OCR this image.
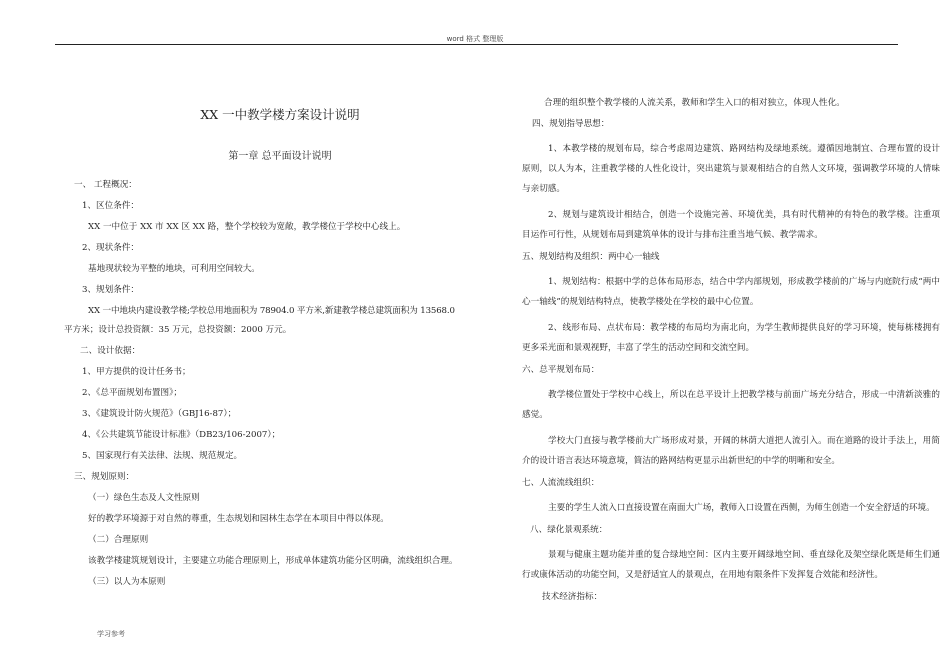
word 格式 整理版

XX 一中教学楼方案设计说明

第一章 总平面设计说明

一、 工程概况：

1、区位条件：

XX 一中位于 XX 市 XX 区 XX 路，整个学校较为宽敞，教学楼位于学校中心线上。

2、现状条件：

基地现状较为平整的地块，可利用空间较大。

3、规划条件：

XX 一中地块内建设教学楼;学校总用地面积为 78904.0 平方米,新建教学楼总建筑面积为 13568.0

平方米；设计总投资额：35 万元，总投资额：2000 万元。

二、设计依据：

1、甲方提供的设计任务书；

2、《总平面规划布置图》；

3、《建筑设计防火规范》（GBJ16-87）；

4、《公共建筑节能设计标准》（DB23/106-2007）；

5、国家现行有关法律、法规、规范规定。

三、规划原则：

（一）绿色生态及人文性原则

好的教学环境源于对自然的尊重，生态规划和园林生态学在本项目中得以体现。

（二）合理原则

该教学楼建筑规划设计，主要建立功能合理原则上，形成单体建筑功能分区明确，流线组织合理。

（三）以人为本原则

合理的组织整个教学楼的人流关系，教师和学生入口的相对独立，体现人性化。

四、规划指导思想：

1、本教学楼的规划布局，综合考虑周边建筑、路网结构及绿地系统。遵循因地制宜、合理布置的设计原则，以人为本，注重教学楼的人性化设计，突出建筑与景观相结合的自然人文环境，强调教学环境的人情味与亲切感。

2、规划与建筑设计相结合，创造一个设施完善、环境优美，具有时代精神的有特色的教学楼。注重项目运作可行性，从规划布局到建筑单体的设计与排布注重当地气候、教学需求。

五、规划结构及组织：两中心一轴线

1、规划结构：根据中学的总体布局形态，结合中学内部规划，形成教学楼前的广场与内庭院行成“两中心一轴线”的规划结构特点，使教学楼处在学校的最中心位置。

2、线形布局、点状布局：教学楼的布局均为南北向，为学生教师提供良好的学习环境，使每栋楼拥有更多采光面和景观视野，丰富了学生的活动空间和交流空间。

六、总平规划布局：

教学楼位置处于学校中心线上，所以在总平设计上把教学楼与前面广场充分结合，形成一中清新淡雅的感觉。

学校大门直接与教学楼前大广场形成对景，开阔的林荫大道把人流引入。而在道路的设计手法上，用简介的设计语言表达环境意境，简洁的路网结构更显示出新世纪的中学的明晰和安全。

七、人流流线组织：

主要的学生人流入口直接设置在南面大广场，教师入口设置在西侧，为师生创造一个安全舒适的环境。

八、绿化景观系统：

景观与健康主题功能并重的复合绿地空间：区内主要开阔绿地空间、垂直绿化及架空绿化既是师生们通行或康体活动的功能空间，又是舒适宜人的景观点，在用地有限条件下发挥复合效能和经济性。

技术经济指标：

学习参考
